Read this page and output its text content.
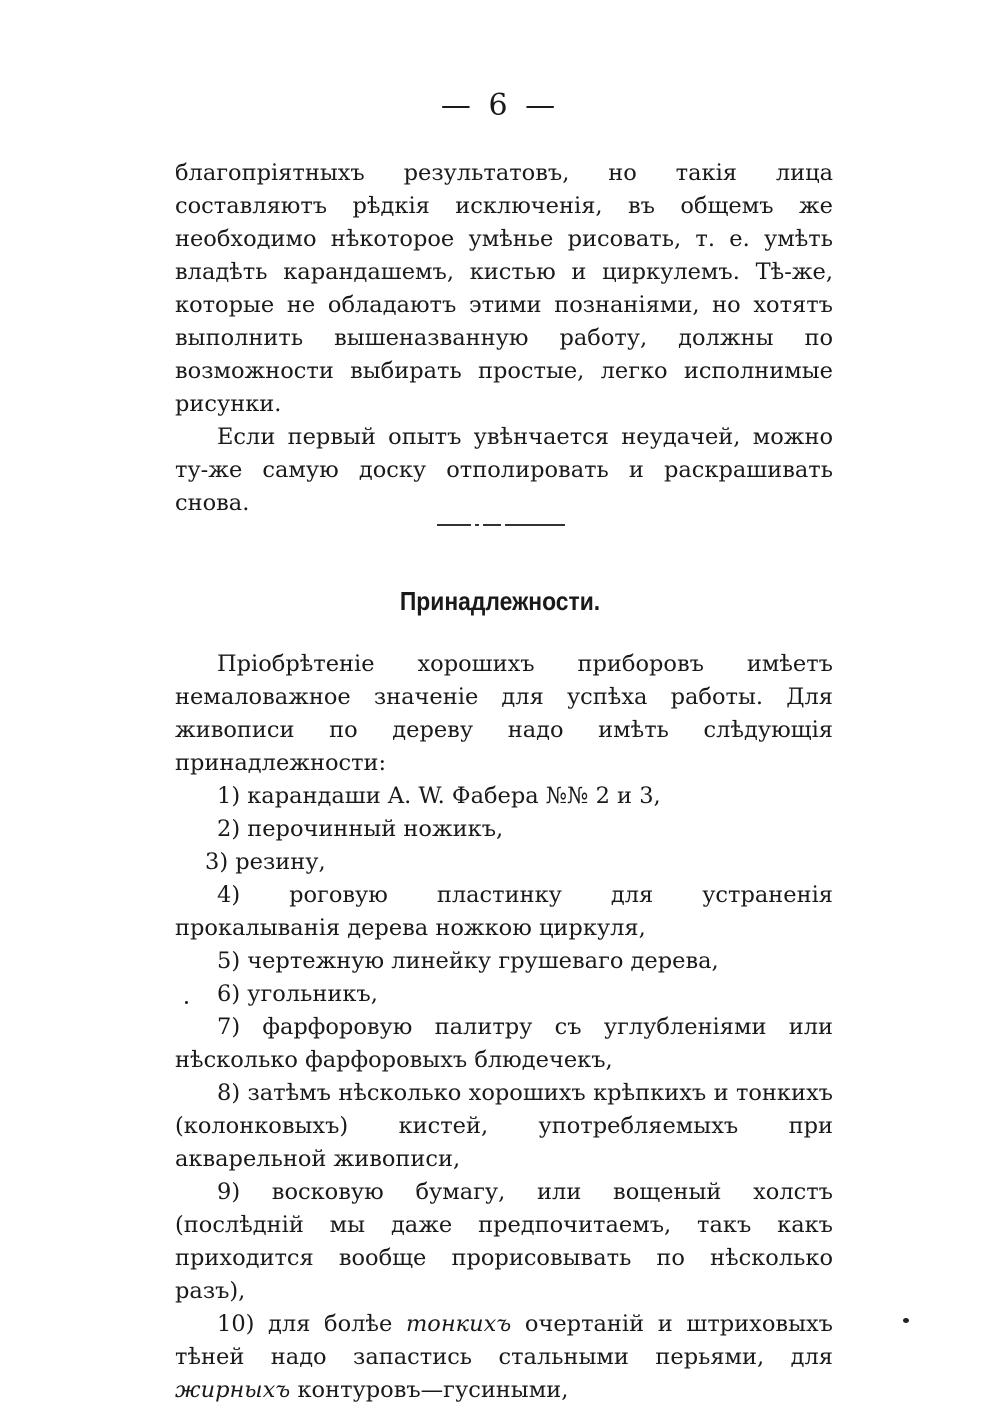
— 6 —

благопріятныхъ результатовъ, но такія лица составляютъ рѣдкія исключенія, въ общемъ же необходимо нѣкоторое умѣнье рисовать, т. е. умѣть владѣть карандашемъ, кистью и циркулемъ. Тѣ-же, которые не обладаютъ этими познаніями, но хотятъ выполнить вышеназванную работу, должны по возможности выбирать простые, легко исполнимые рисунки.

Если первый опытъ увѣнчается неудачей, можно ту-же самую доску отполировать и раскрашивать снова.

Принадлежности.

Пріобрѣтеніе хорошихъ приборовъ имѣетъ немаловажное значеніе для успѣха работы. Для живописи по дереву надо имѣть слѣдующія принадлежности:

1) карандаши A. W. Фабера №№ 2 и 3,

2) перочинный ножикъ,

3) резину,

4) роговую пластинку для устраненія прокалыванія дерева ножкою циркуля,

5) чертежную линейку грушеваго дерева,

6) угольникъ,

7) фарфоровую палитру съ углубленіями или нѣсколько фарфоровыхъ блюдечекъ,

8) затѣмъ нѣсколько хорошихъ крѣпкихъ и тонкихъ (колонковыхъ) кистей, употребляемыхъ при акварельной живописи,

9) восковую бумагу, или вощеный холстъ (послѣдній мы даже предпочитаемъ, такъ какъ приходится вообще прорисовывать по нѣсколько разъ),

10) для болѣе тонкихъ очертаній и штриховыхъ тѣней надо запастись стальными перьями, для жирныхъ контуровъ—гусиными,
